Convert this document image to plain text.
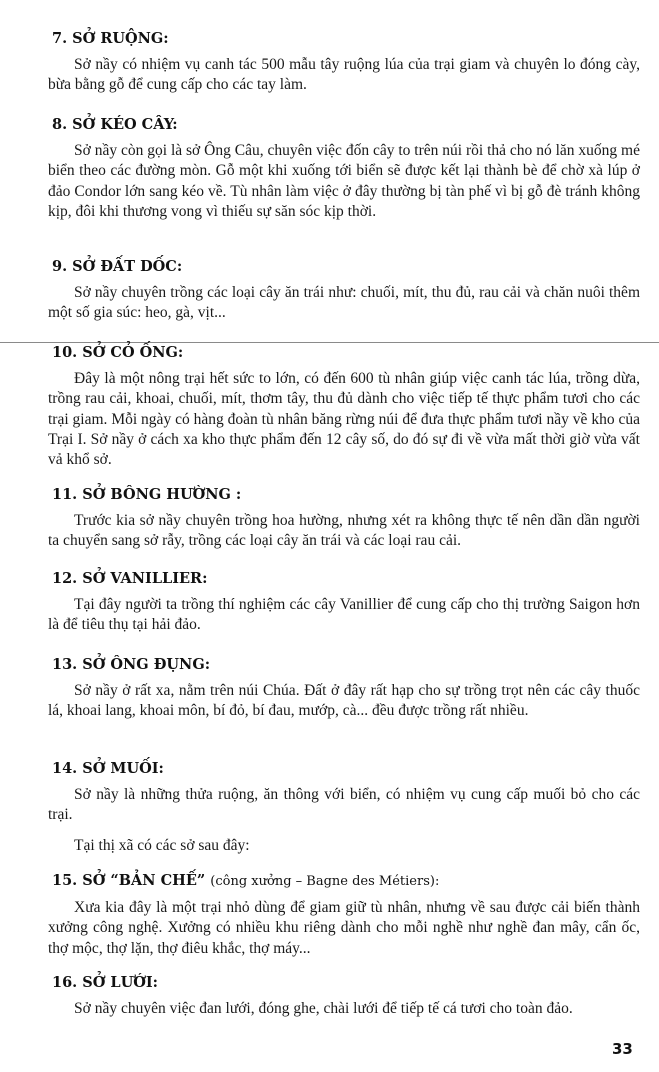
7. SỞ RUỘNG:

Sở nầy có nhiệm vụ canh tác 500 mẫu tây ruộng lúa của trại giam và chuyên lo đóng cày, bừa bằng gỗ để cung cấp cho các tay làm.

8. SỞ KÉO CÂY:

Sở nầy còn gọi là sở Ông Câu, chuyên việc đốn cây to trên núi rồi thả cho nó lăn xuống mé biển theo các đường mòn. Gỗ một khi xuống tới biển sẽ được kết lại thành bè để chờ xà lúp ở đảo Condor lớn sang kéo về. Tù nhân làm việc ở đây thường bị tàn phế vì bị gỗ đè tránh không kịp, đôi khi thương vong vì thiếu sự săn sóc kịp thời.

9. SỞ ĐẤT DỐC:

Sở nầy chuyên trồng các loại cây ăn trái như: chuối, mít, thu đủ, rau cải và chăn nuôi thêm một số gia súc: heo, gà, vịt...

10. SỞ CỎ ỐNG:

Đây là một nông trại hết sức to lớn, có đến 600 tù nhân giúp việc canh tác lúa, trồng dừa, trồng rau cải, khoai, chuối, mít, thơm tây, thu đủ dành cho việc tiếp tế thực phẩm tươi cho các trại giam. Mỗi ngày có hàng đoàn tù nhân băng rừng núi để đưa thực phẩm tươi nầy về kho của Trại I. Sở nầy ở cách xa kho thực phẩm đến 12 cây số, do đó sự đi về vừa mất thời giờ vừa vất vả khổ sở.

11. SỞ BÔNG HƯỜNG :

Trước kia sở nầy chuyên trồng hoa hường, nhưng xét ra không thực tế nên dần dần người ta chuyển sang sở rẫy, trồng các loại cây ăn trái và các loại rau cải.

12. SỞ VANILLIER:

Tại đây người ta trồng thí nghiệm các cây Vanillier để cung cấp cho thị trường Saigon hơn là để tiêu thụ tại hải đảo.

13. SỞ ÔNG ĐỤNG:

Sở nầy ở rất xa, nằm trên núi Chúa. Đất ở đây rất hạp cho sự trồng trọt nên các cây thuốc lá, khoai lang, khoai môn, bí đỏ, bí đau, mướp, cà... đều được trồng rất nhiều.

14. SỞ MUỐI:

Sở nầy là những thửa ruộng, ăn thông với biển, có nhiệm vụ cung cấp muối bỏ cho các trại.

Tại thị xã có các sở sau đây:

15. SỞ “BẢN CHẾ” (công xưởng – Bagne des Métiers):

Xưa kia đây là một trại nhỏ dùng để giam giữ tù nhân, nhưng về sau được cải biến thành xưởng công nghệ. Xưởng có nhiều khu riêng dành cho mỗi nghề như nghề đan mây, cẩn ốc, thợ mộc, thợ lặn, thợ điêu khắc, thợ máy...

16. SỞ LƯỚI:

Sở nầy chuyên việc đan lưới, đóng ghe, chài lưới để tiếp tế cá tươi cho toàn đảo.

33
